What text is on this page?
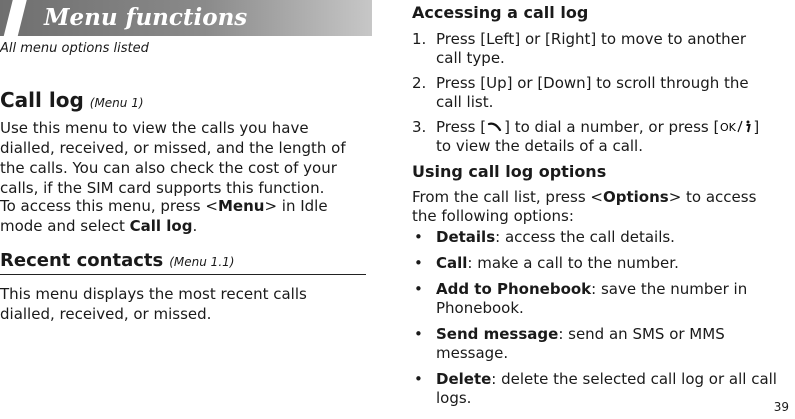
Menu functions
All menu options listed
Call log (Menu 1)

Use this menu to view the calls you have dialled, received, or missed, and the length of the calls. You can also check the cost of your calls, if the SIM card supports this function.

To access this menu, press <Menu> in Idle mode and select Call log.

Recent contacts (Menu 1.1)

This menu displays the most recent calls dialled, received, or missed.

Accessing a call log
1. Press [Left] or [Right] to move to another call type.
2. Press [Up] or [Down] to scroll through the call list.
3. Press [ ] to dial a number, or press [ OK ] to view the details of a call.
Using call log options

From the call list, press <Options> to access the following options:

• Details: access the call details.
• Call: make a call to the number.
• Add to Phonebook: save the number in Phonebook.
• Send message: send an SMS or MMS message.
• Delete: delete the selected call log or all call logs.	39
